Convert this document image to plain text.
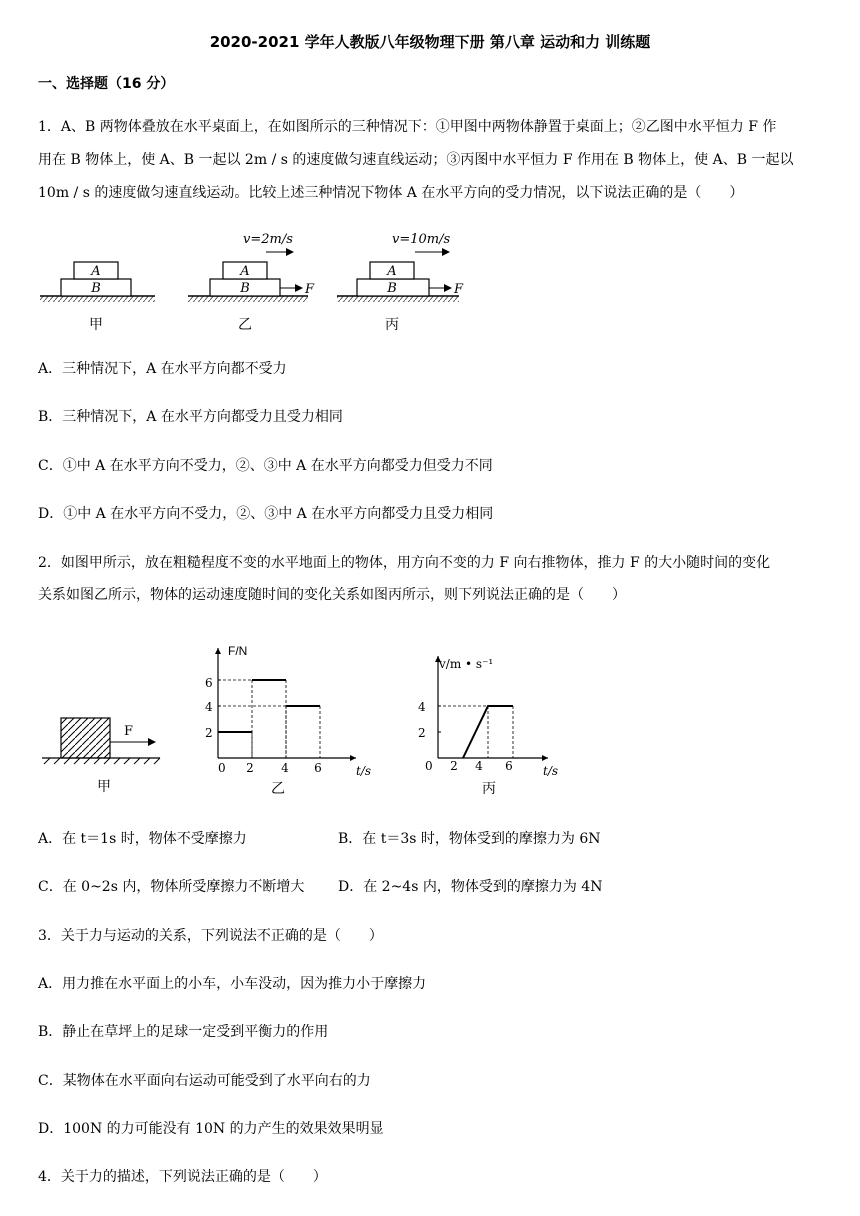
2020-2021 学年人教版八年级物理下册 第八章 运动和力 训练题
一、选择题（16 分）
1．A、B 两物体叠放在水平桌面上，在如图所示的三种情况下：①甲图中两物体静置于桌面上；②乙图中水平恒力 F 作
用在 B 物体上，使 A、B 一起以 2m / s 的速度做匀速直线运动；③丙图中水平恒力 F 作用在 B 物体上，使 A、B 一起以
10m / s 的速度做匀速直线运动。比较上述三种情况下物体 A 在水平方向的受力情况，以下说法正确的是（　　）
A
B
甲
A
B	F
v=2m/s
乙
A
B	F
v=10m/s
丙
A．三种情况下，A 在水平方向都不受力
B．三种情况下，A 在水平方向都受力且受力相同
C．①中 A 在水平方向不受力，②、③中 A 在水平方向都受力但受力不同
D．①中 A 在水平方向不受力，②、③中 A 在水平方向都受力且受力相同
2．如图甲所示，放在粗糙程度不变的水平地面上的物体，用方向不变的力 F 向右推物体，推力 F 的大小随时间的变化
关系如图乙所示，物体的运动速度随时间的变化关系如图丙所示，则下列说法正确的是（　　）
F
甲
F/N
t/s
0
2
4
6
2 4 6
乙
v/m • s⁻¹
t/s
0
2
4
2 4 6
丙
A．在 t＝1s 时，物体不受摩擦力	B．在 t＝3s 时，物体受到的摩擦力为 6N
C．在 0~2s 内，物体所受摩擦力不断增大 D．在 2~4s 内，物体受到的摩擦力为 4N
3．关于力与运动的关系，下列说法不正确的是（　　）
A．用力推在水平面上的小车，小车没动，因为推力小于摩擦力
B．静止在草坪上的足球一定受到平衡力的作用
C．某物体在水平面向右运动可能受到了水平向右的力
D．100N 的力可能没有 10N 的力产生的效果效果明显
4．关于力的描述，下列说法正确的是（　　）
